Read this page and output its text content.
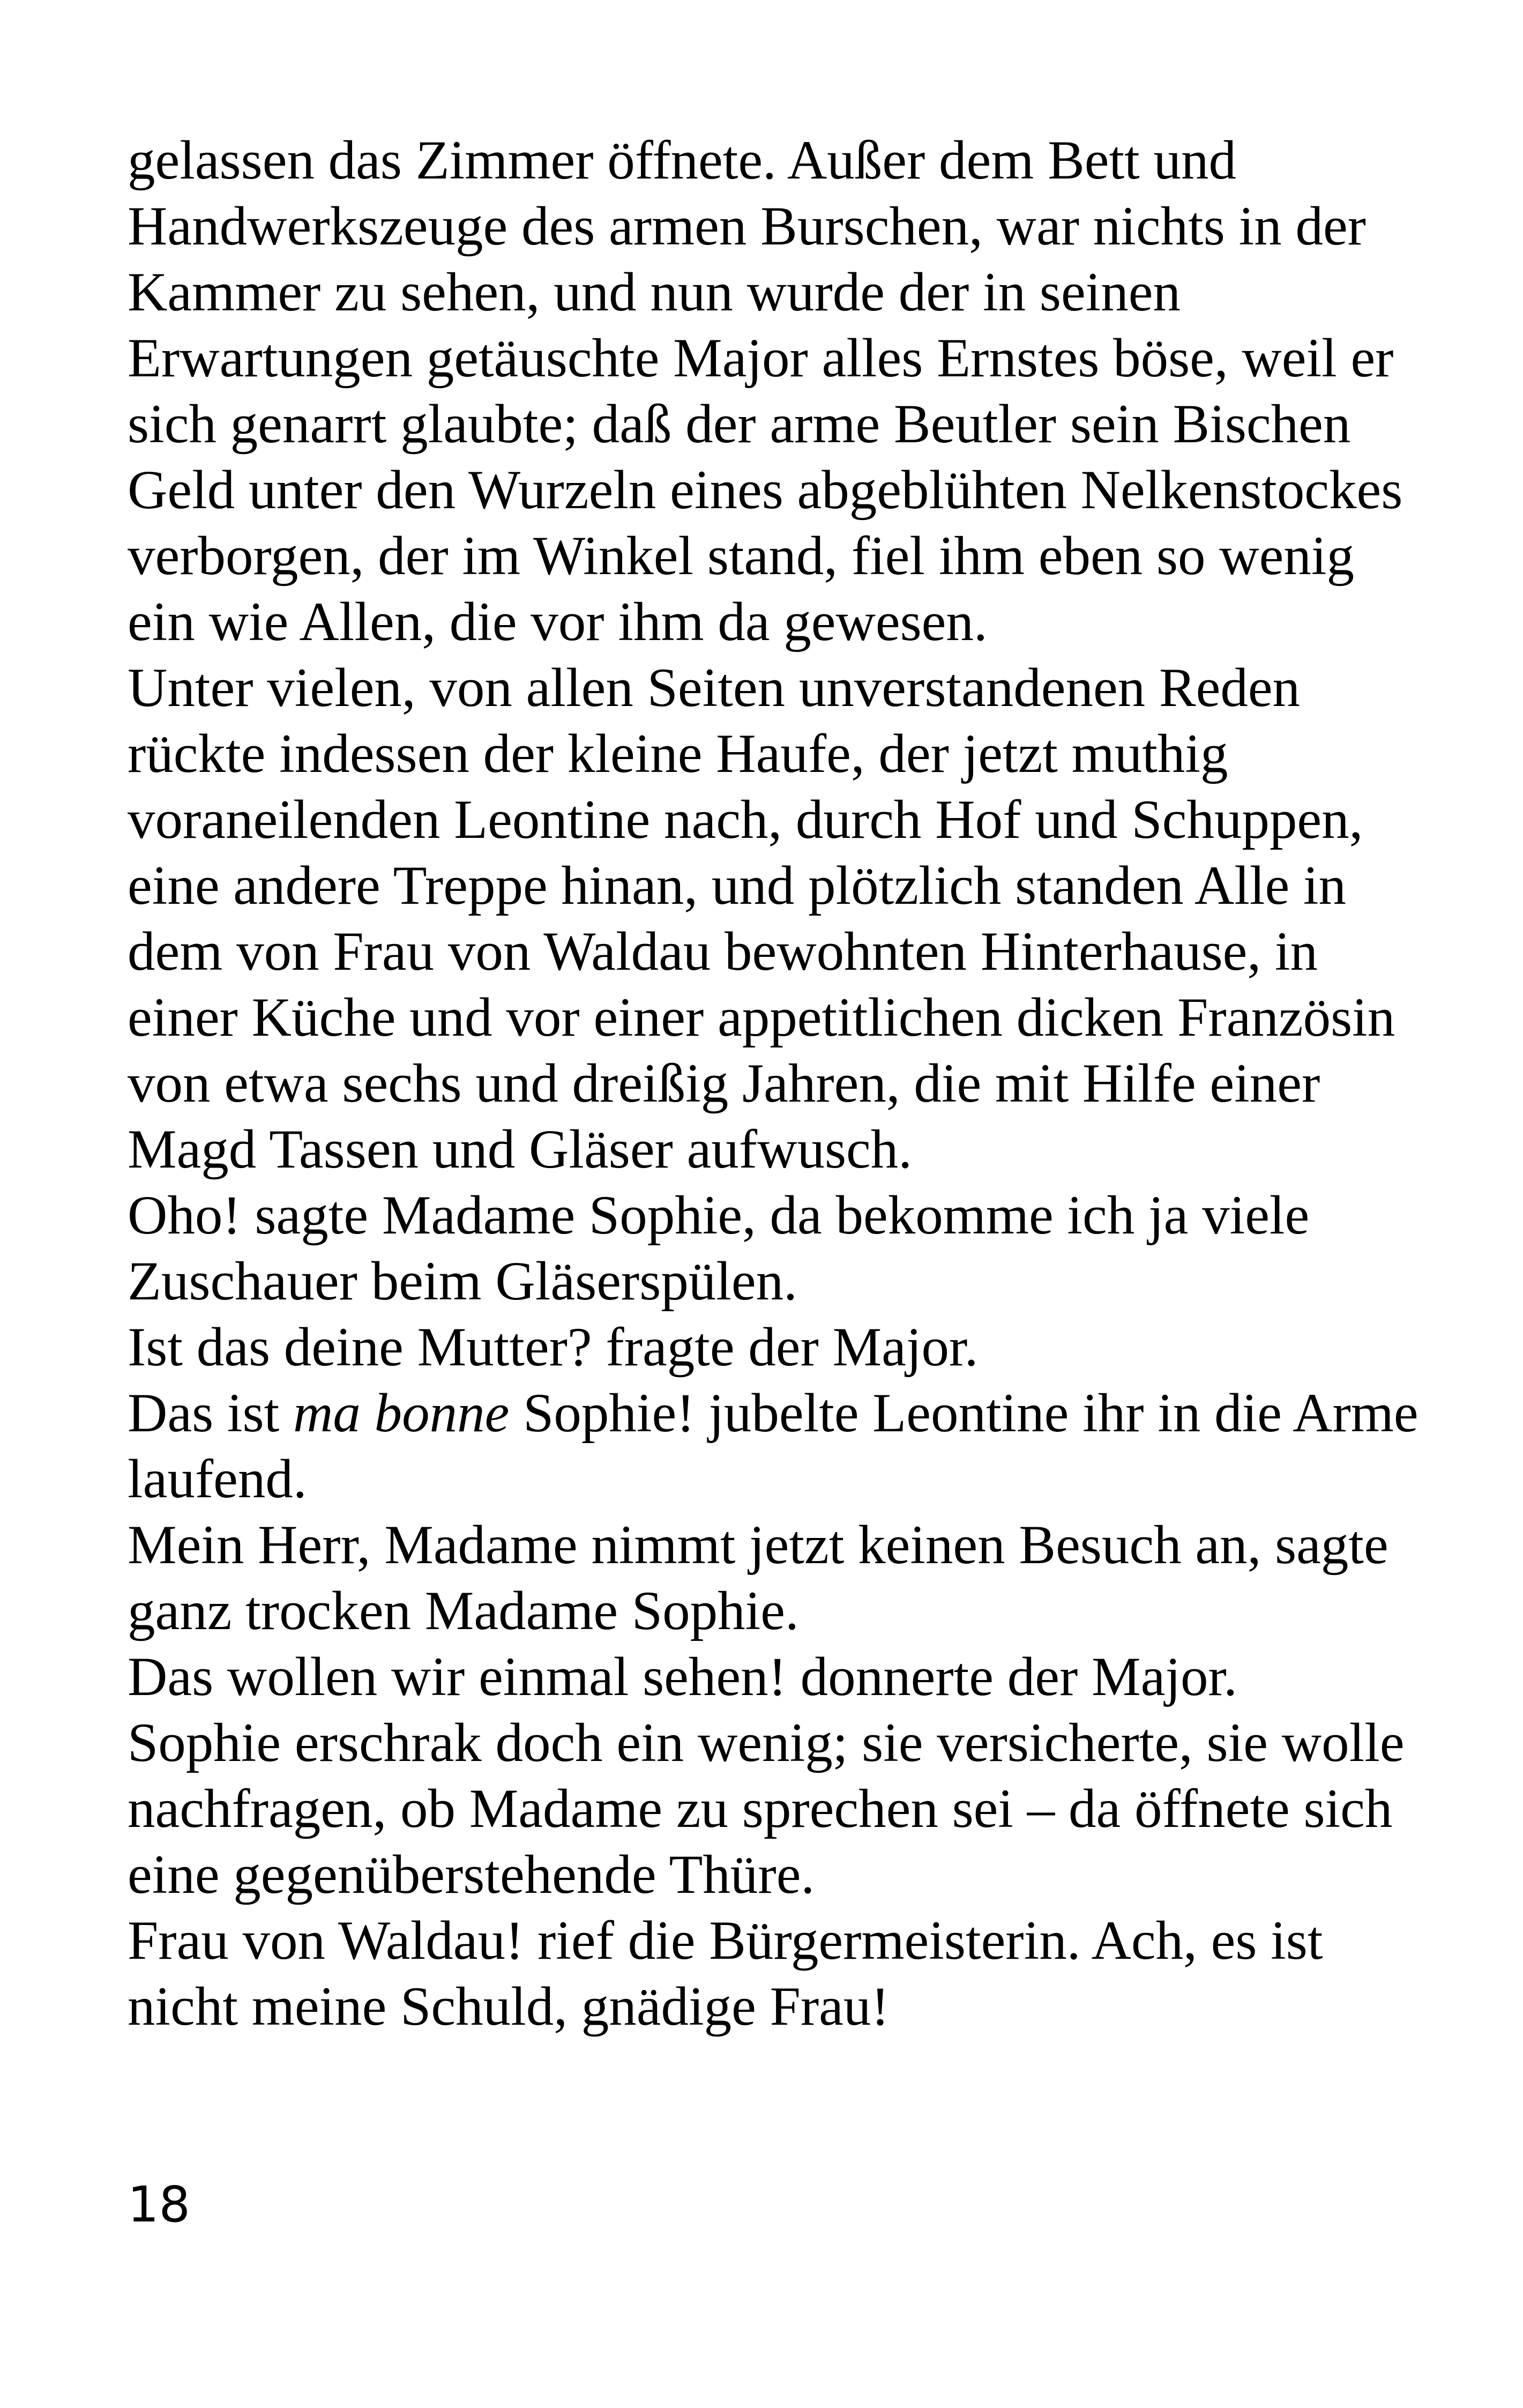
gelassen das Zimmer öffnete. Außer dem Bett und
Handwerkszeuge des armen Burschen, war nichts in der
Kammer zu sehen, und nun wurde der in seinen
Erwartungen getäuschte Major alles Ernstes böse, weil er
sich genarrt glaubte; daß der arme Beutler sein Bischen
Geld unter den Wurzeln eines abgeblühten Nelkenstockes
verborgen, der im Winkel stand, fiel ihm eben so wenig
ein wie Allen, die vor ihm da gewesen.
Unter vielen, von allen Seiten unverstandenen Reden
rückte indessen der kleine Haufe, der jetzt muthig
voraneilenden Leontine nach, durch Hof und Schuppen,
eine andere Treppe hinan, und plötzlich standen Alle in
dem von Frau von Waldau bewohnten Hinterhause, in
einer Küche und vor einer appetitlichen dicken Französin
von etwa sechs und dreißig Jahren, die mit Hilfe einer
Magd Tassen und Gläser aufwusch.
Oho! sagte Madame Sophie, da bekomme ich ja viele
Zuschauer beim Gläserspülen.
Ist das deine Mutter? fragte der Major.
Das ist ma bonne Sophie! jubelte Leontine ihr in die Arme
laufend.
Mein Herr, Madame nimmt jetzt keinen Besuch an, sagte
ganz trocken Madame Sophie.
Das wollen wir einmal sehen! donnerte der Major.
Sophie erschrak doch ein wenig; sie versicherte, sie wolle
nachfragen, ob Madame zu sprechen sei – da öffnete sich
eine gegenüberstehende Thüre.
Frau von Waldau! rief die Bürgermeisterin. Ach, es ist
nicht meine Schuld, gnädige Frau!
18
